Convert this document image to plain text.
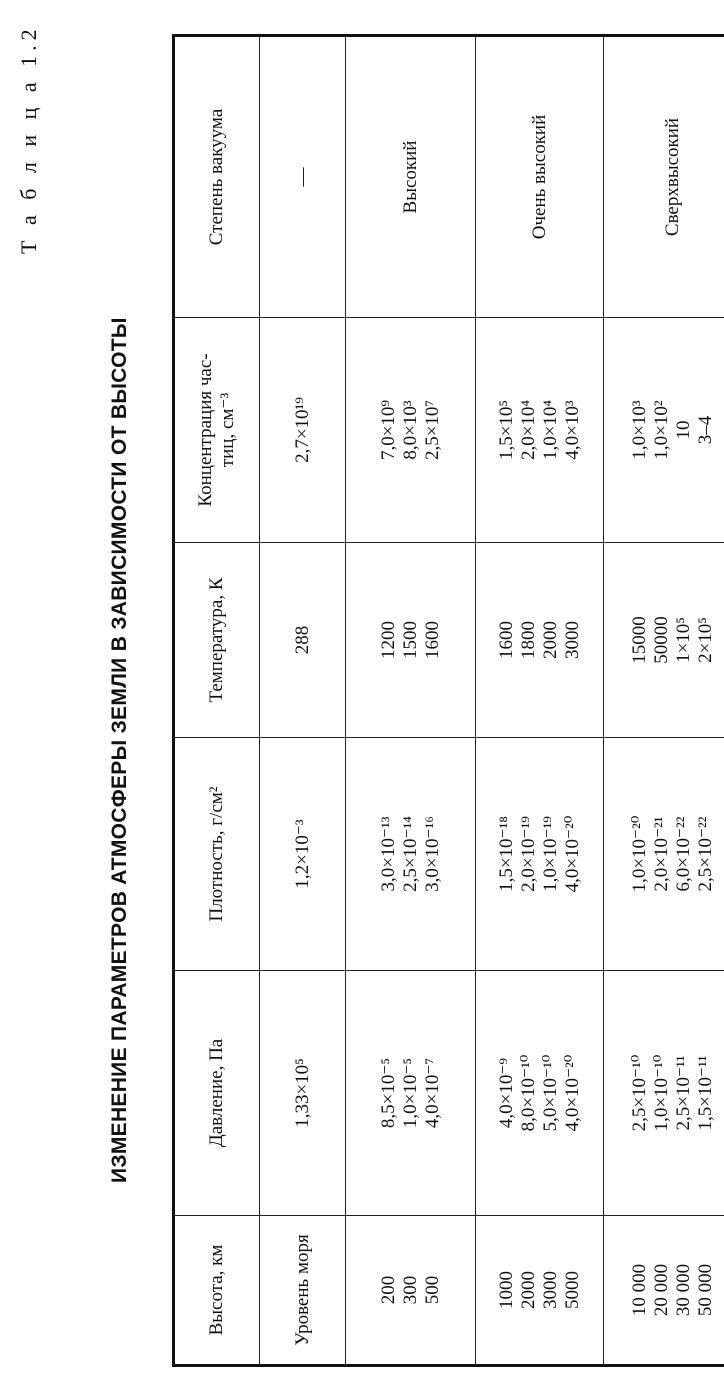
Т а б л и ц а 1.2
ИЗМЕНЕНИЕ ПАРАМЕТРОВ АТМОСФЕРЫ ЗЕМЛИ В ЗАВИСИМОСТИ ОТ ВЫСОТЫ
Высота, км	Давление, Па	Плотность, г/см²	Температура, К	Концентрация час- тиц, см⁻³	Степень вакуума

Уровень моря	1,33×10⁵	1,2×10⁻³	288	2,7×10¹⁹	—

200 300 500	8,5×10⁻⁵ 1,0×10⁻⁵ 4,0×10⁻⁷	3,0×10⁻¹³ 2,5×10⁻¹⁴ 3,0×10⁻¹⁶	1200 1500 1600	7,0×10⁹ 8,0×10³ 2,5×10⁷	Высокий

1000 2000 3000 5000	4,0×10⁻⁹ 8,0×10⁻¹⁰ 5,0×10⁻¹⁰ 4,0×10⁻²⁰	1,5×10⁻¹⁸ 2,0×10⁻¹⁹ 1,0×10⁻¹⁹ 4,0×10⁻²⁰	1600 1800 2000 3000	1,5×10⁵ 2,0×10⁴ 1,0×10⁴ 4,0×10³	Очень высокий

10 000 20 000 30 000 50 000	2,5×10⁻¹⁰ 1,0×10⁻¹⁰ 2,5×10⁻¹¹ 1,5×10⁻¹¹	1,0×10⁻²⁰ 2,0×10⁻²¹ 6,0×10⁻²² 2,5×10⁻²²	15000 50000 1×10⁵ 2×10⁵	1,0×10³ 1,0×10² 10 3–4	Сверхвысокий
